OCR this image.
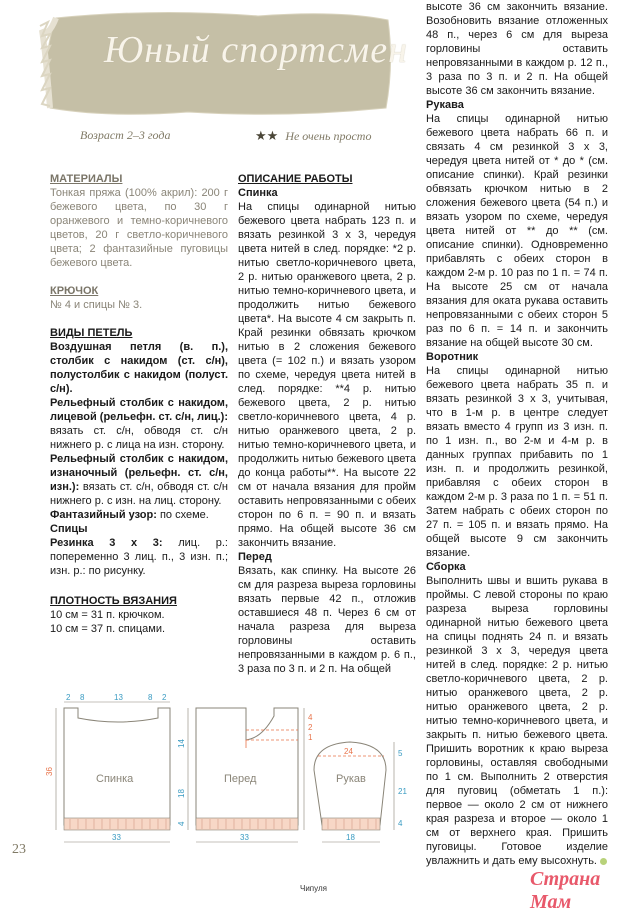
Юный спортсмен
Возраст 2–3 года	★★ Не очень просто

МАТЕРИАЛЫ

Тонкая пряжа (100% акрил): 200 г бежевого цвета, по 30 г оранжевого и темно-коричневого цветов, 20 г светло-коричневого цвета; 2 фантазийные пуговицы бежевого цвета.

КРЮЧОК

№ 4 и спицы № 3.

ВИДЫ ПЕТЕЛЬ

Воздушная петля (в. п.), столбик с накидом (ст. с/н), полустолбик с накидом (полуст. с/н).

Рельефный столбик с накидом, лицевой (рельефн. ст. с/н, лиц.): вязать ст. с/н, обводя ст. с/н нижнего р. с лица на изн. сторону.

Рельефный столбик с накидом, изнаночный (рельефн. ст. с/н, изн.): вязать ст. с/н, обводя ст. с/н нижнего р. с изн. на лиц. сторону.

Фантазийный узор: по схеме.

Спицы

Резинка 3 х 3: лиц. р.: попеременно 3 лиц. п., 3 изн. п.; изн. р.: по рисунку.

ПЛОТНОСТЬ ВЯЗАНИЯ

10 см = 31 п. крючком.

10 см = 37 п. спицами.

ОПИСАНИЕ РАБОТЫ

Спинка

На спицы одинарной нитью бежевого цвета набрать 123 п. и вязать резинкой 3 х 3, чередуя цвета нитей в след. порядке: *2 р. нитью светло-коричневого цвета, 2 р. нитью оранжевого цвета, 2 р. нитью темно-коричневого цвета, и продолжить нитью бежевого цвета*. На высоте 4 см закрыть п. Край резинки обвязать крючком нитью в 2 сложения бежевого цвета (= 102 п.) и вязать узором по схеме, чередуя цвета нитей в след. порядке: **4 р. нитью бежевого цвета, 2 р. нитью светло-коричневого цвета, 4 р. нитью оранжевого цвета, 2 р. нитью темно-коричневого цвета, и продолжить нитью бежевого цвета до конца работы**. На высоте 22 см от начала вязания для пройм оставить непровязанными с обеих сторон по 6 п. = 90 п. и вязать прямо. На общей высоте 36 см закончить вязание.

Перед

Вязать, как спинку. На высоте 26 см для разреза выреза горловины вязать первые 42 п., отложив оставшиеся 48 п. Через 6 см от начала разреза для выреза горловины оставить непровязанными в каждом р. 6 п., 3 раза по 3 п. и 2 п. На общей

высоте 36 см закончить вязание. Возобновить вязание отложенных 48 п., через 6 см для выреза горловины оставить непровязанными в каждом р. 12 п., 3 раза по 3 п. и 2 п. На общей высоте 36 см закончить вязание.

Рукава

На спицы одинарной нитью бежевого цвета набрать 66 п. и связать 4 см резинкой 3 х 3, чередуя цвета нитей от * до * (см. описание спинки). Край резинки обвязать крючком нитью в 2 сложения бежевого цвета (54 п.) и вязать узором по схеме, чередуя цвета нитей от ** до ** (см. описание спинки). Одновременно прибавлять с обеих сторон в каждом 2-м р. 10 раз по 1 п. = 74 п. На высоте 25 см от начала вязания для оката рукава оставить непровязанными с обеих сторон 5 раз по 6 п. = 14 п. и закончить вязание на общей высоте 30 см.

Воротник

На спицы одинарной нитью бежевого цвета набрать 35 п. и вязать резинкой 3 х 3, учитывая, что в 1-м р. в центре следует вязать вместо 4 групп из 3 изн. п. по 1 изн. п., во 2-м и 4-м р. в данных группах прибавить по 1 изн. п. и продолжить резинкой, прибавляя с обеих сторон в каждом 2-м р. 3 раза по 1 п. = 51 п. Затем набрать с обеих сторон по 27 п. = 105 п. и вязать прямо. На общей высоте 9 см закончить вязание.

Сборка

Выполнить швы и вшить рукава в проймы. С левой стороны по краю разреза выреза горловины одинарной нитью бежевого цвета на спицы поднять 24 п. и вязать резинкой 3 х 3, чередуя цвета нитей в след. порядке: 2 р. нитью светло-коричневого цвета, 2 р. нитью оранжевого цвета, 2 р. нитью оранжевого цвета, 2 р. нитью темно-коричневого цвета, и закрыть п. нитью бежевого цвета. Пришить воротник к краю выреза горловины, оставляя свободными по 1 см. Выполнить 2 отверстия для пуговиц (обметать 1 п.): первое — около 2 см от нижнего края разреза и второе — около 1 см от верхнего края. Пришить пуговицы. Готовое изделие увлажнить и дать ему высохнуть.

2 8	13	8 2
36
33
Спинка
4
2
1
14
18
4
33
Перед
24	5
21
4
18
Рукав
23
Чипуля	Страна Мам
